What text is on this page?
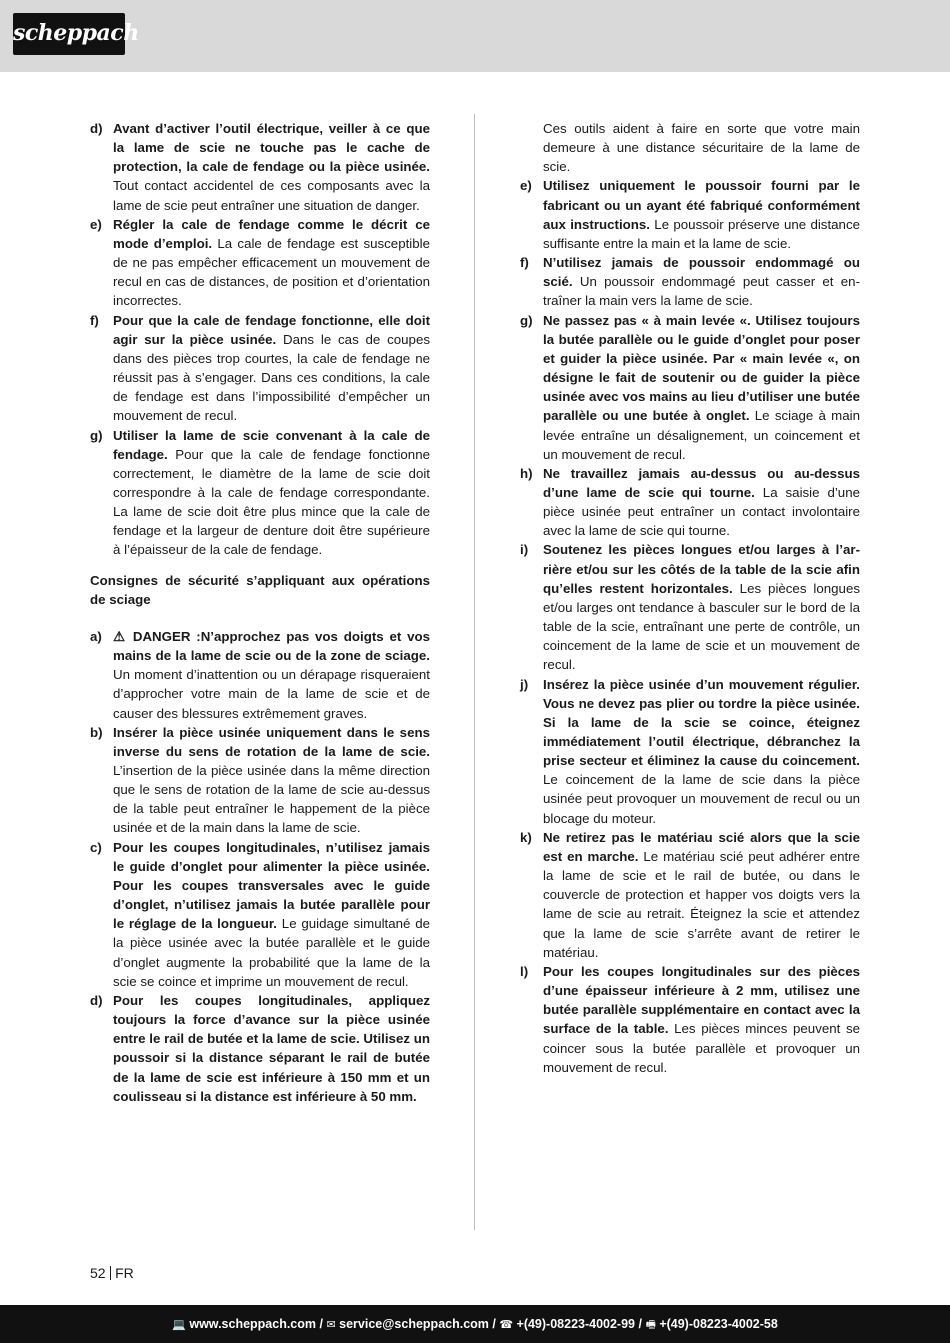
scheppach
d) Avant d’activer l’outil électrique, veiller à ce que la lame de scie ne touche pas le cache de protection, la cale de fendage ou la pièce usinée. Tout contact accidentel de ces composants avec la lame de scie peut entraîner une situation de danger.
e) Régler la cale de fendage comme le décrit ce mode d’emploi. La cale de fendage est susceptible de ne pas empêcher efficacement un mouvement de recul en cas de distances, de position et d’orientation incorrectes.
f)	Pour que la cale de fendage fonctionne, elle doit agir sur la pièce usinée. Dans le cas de coupes dans des pièces trop courtes, la cale de fendage ne réussit pas à s’engager. Dans ces conditions, la cale de fendage est dans l’impossibilité d’empêcher un mouvement de recul.
g) Utiliser la lame de scie convenant à la cale de fendage. Pour que la cale de fendage fonctionne correctement, le diamètre de la lame de scie doit correspondre à la cale de fendage correspondante. La lame de scie doit être plus mince que la cale de fendage et la largeur de denture doit être supérieure à l’épaisseur de la cale de fendage.
Consignes de sécurité s’appliquant aux opérations de sciage
a) ⚠ DANGER :N’approchez pas vos doigts et vos mains de la lame de scie ou de la zone de sciage. Un moment d’inattention ou un dérapage risqueraient d’approcher votre main de la lame de scie et de causer des blessures extrêmement graves.
b) Insérer la pièce usinée uniquement dans le sens inverse du sens de rotation de la lame de scie. L’insertion de la pièce usinée dans la même direction que le sens de rotation de la lame de scie au-dessus de la table peut entraîner le happement de la pièce usinée et de la main dans la lame de scie.
c) Pour les coupes longitudinales, n’utilisez jamais le guide d’onglet pour alimenter la pièce usinée. Pour les coupes transversales avec le guide d’onglet, n’utilisez jamais la butée parallèle pour le réglage de la longueur. Le guidage simultané de la pièce usinée avec la butée parallèle et le guide d’onglet augmente la probabilité que la lame de la scie se coince et imprime un mouvement de recul.
d) Pour les coupes longitudinales, appliquez toujours la force d’avance sur la pièce usinée entre le rail de butée et la lame de scie. Utilisez un poussoir si la distance séparant le rail de butée de la lame de scie est inférieure à 150 mm et un coulisseau si la distance est inférieure à 50 mm.
Ces outils aident à faire en sorte que votre main demeure à une distance sécuritaire de la lame de scie.
e) Utilisez uniquement le poussoir fourni par le fabricant ou un ayant été fabriqué conformément aux instructions. Le poussoir préserve une distance suffisante entre la main et la lame de scie.
f)	N’utilisez jamais de poussoir endommagé ou scié. Un poussoir endommagé peut casser et entraîner la main vers la lame de scie.
g) Ne passez pas « à main levée «. Utilisez toujours la butée parallèle ou le guide d’onglet pour poser et guider la pièce usinée. Par « main levée «, on désigne le fait de soutenir ou de guider la pièce usinée avec vos mains au lieu d’utiliser une butée parallèle ou une butée à onglet. Le sciage à main levée entraîne un désalignement, un coincement et un mouvement de recul.
h) Ne travaillez jamais au-dessus ou au-dessus d’une lame de scie qui tourne. La saisie d’une pièce usinée peut entraîner un contact involontaire avec la lame de scie qui tourne.
i)	Soutenez les pièces longues et/ou larges à l’arrière et/ou sur les côtés de la table de la scie afin qu’elles restent horizontales. Les pièces longues et/ou larges ont tendance à basculer sur le bord de la table de la scie, entraînant une perte de contrôle, un coincement de la lame de scie et un mouvement de recul.
j)	Insérez la pièce usinée d’un mouvement régulier. Vous ne devez pas plier ou tordre la pièce usinée. Si la lame de la scie se coince, éteignez immédiatement l’outil électrique, débranchez la prise secteur et éliminez la cause du coincement. Le coincement de la lame de scie dans la pièce usinée peut provoquer un mouvement de recul ou un blocage du moteur.
k) Ne retirez pas le matériau scié alors que la scie est en marche. Le matériau scié peut adhérer entre la lame de scie et le rail de butée, ou dans le couvercle de protection et happer vos doigts vers la lame de scie au retrait. Éteignez la scie et attendez que la lame de scie s’arrête avant de retirer le matériau.
l)	Pour les coupes longitudinales sur des pièces d’une épaisseur inférieure à 2 mm, utilisez une butée parallèle supplémentaire en contact avec la surface de la table. Les pièces minces peuvent se coincer sous la butée parallèle et provoquer un mouvement de recul.
52 FR
💻 www.scheppach.com / ✉ service@scheppach.com / ☎ +(49)-08223-4002-99 / 🖷 +(49)-08223-4002-58
